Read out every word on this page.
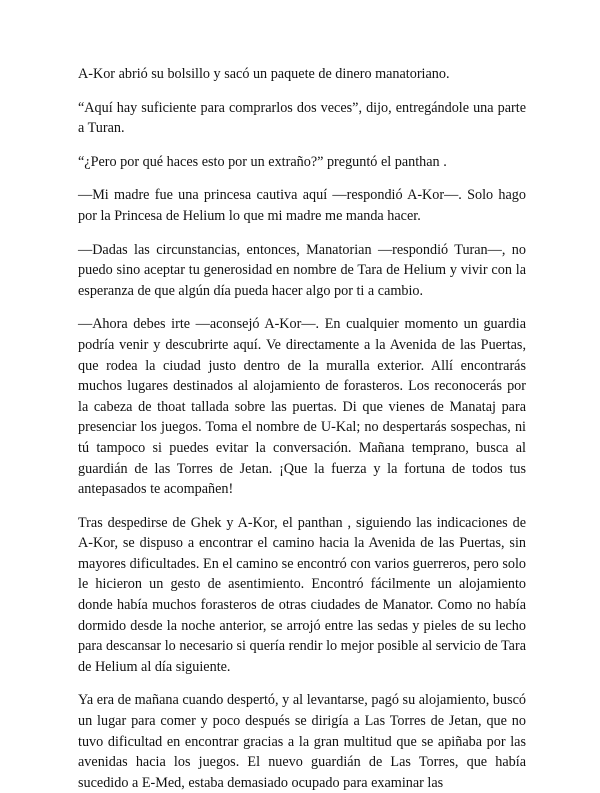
A-Kor abrió su bolsillo y sacó un paquete de dinero manatoriano.

“Aquí hay suficiente para comprarlos dos veces”, dijo, entregándole una parte a Turan.

“¿Pero por qué haces esto por un extraño?” preguntó el panthan .

—Mi madre fue una princesa cautiva aquí —respondió A-Kor—. Solo hago por la Princesa de Helium lo que mi madre me manda hacer.

—Dadas las circunstancias, entonces, Manatorian —respondió Turan—, no puedo sino aceptar tu generosidad en nombre de Tara de Helium y vivir con la esperanza de que algún día pueda hacer algo por ti a cambio.

—Ahora debes irte —aconsejó A-Kor—. En cualquier momento un guardia podría venir y descubrirte aquí. Ve directamente a la Avenida de las Puertas, que rodea la ciudad justo dentro de la muralla exterior. Allí encontrarás muchos lugares destinados al alojamiento de forasteros. Los reconocerás por la cabeza de thoat tallada sobre las puertas. Di que vienes de Manataj para presenciar los juegos. Toma el nombre de U-Kal; no despertarás sospechas, ni tú tampoco si puedes evitar la conversación. Mañana temprano, busca al guardián de las Torres de Jetan. ¡Que la fuerza y la fortuna de todos tus antepasados te acompañen!

Tras despedirse de Ghek y A-Kor, el panthan , siguiendo las indicaciones de A-Kor, se dispuso a encontrar el camino hacia la Avenida de las Puertas, sin mayores dificultades. En el camino se encontró con varios guerreros, pero solo le hicieron un gesto de asentimiento. Encontró fácilmente un alojamiento donde había muchos forasteros de otras ciudades de Manator. Como no había dormido desde la noche anterior, se arrojó entre las sedas y pieles de su lecho para descansar lo necesario si quería rendir lo mejor posible al servicio de Tara de Helium al día siguiente.

Ya era de mañana cuando despertó, y al levantarse, pagó su alojamiento, buscó un lugar para comer y poco después se dirigía a Las Torres de Jetan, que no tuvo dificultad en encontrar gracias a la gran multitud que se apiñaba por las avenidas hacia los juegos. El nuevo guardián de Las Torres, que había sucedido a E-Med, estaba demasiado ocupado para examinar las
